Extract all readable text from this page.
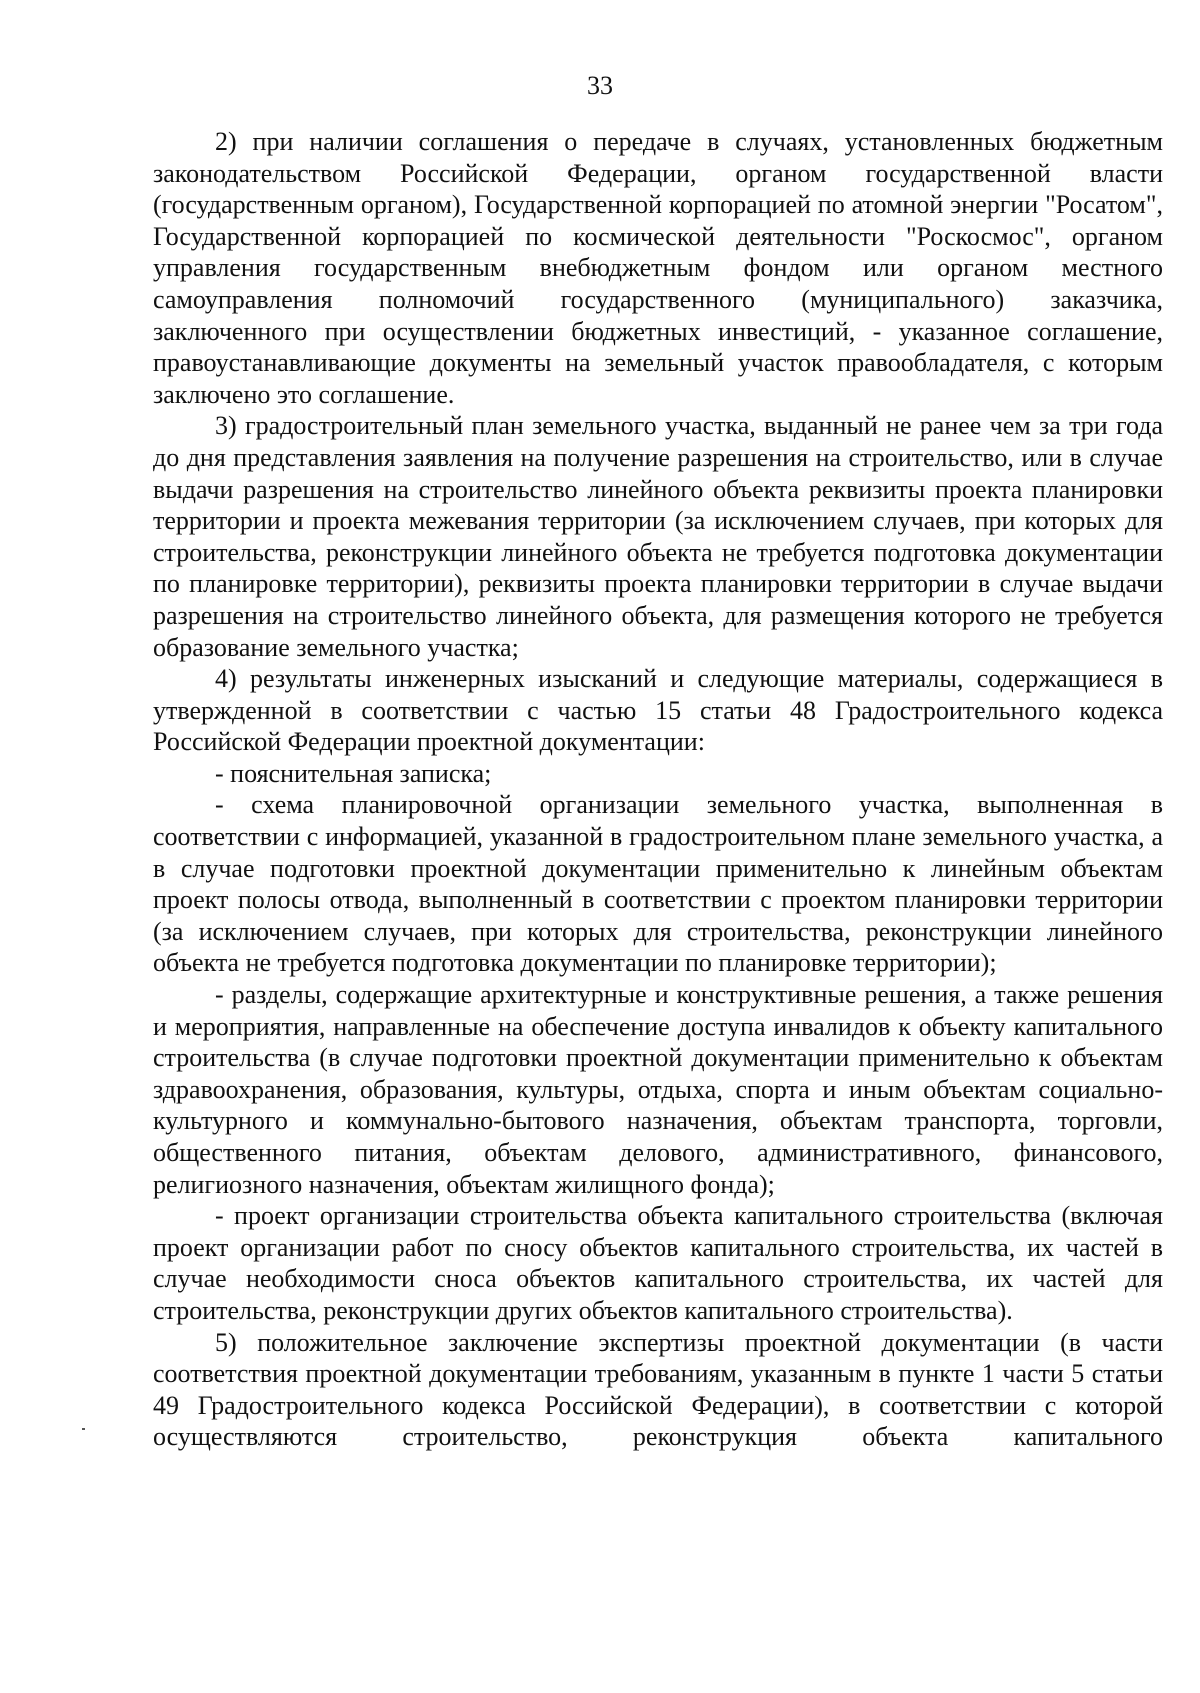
33

2) при наличии соглашения о передаче в случаях, установленных бюджетным законодательством Российской Федерации, органом государственной власти (государственным органом), Государственной корпорацией по атомной энергии "Росатом", Государственной корпорацией по космической деятельности "Роскосмос", органом управления государственным внебюджетным фондом или органом местного самоуправления полномочий государственного (муниципального) заказчика, заключенного при осуществлении бюджетных инвестиций, - указанное соглашение, правоустанавливающие документы на земельный участок правообладателя, с которым заключено это соглашение.

3) градостроительный план земельного участка, выданный не ранее чем за три года до дня представления заявления на получение разрешения на строительство, или в случае выдачи разрешения на строительство линейного объекта реквизиты проекта планировки территории и проекта межевания территории (за исключением случаев, при которых для строительства, реконструкции линейного объекта не требуется подготовка документации по планировке территории), реквизиты проекта планировки территории в случае выдачи разрешения на строительство линейного объекта, для размещения которого не требуется образование земельного участка;

4) результаты инженерных изысканий и следующие материалы, содержащиеся в утвержденной в соответствии с частью 15 статьи 48 Градостроительного кодекса Российской Федерации проектной документации:

- пояснительная записка;

- схема планировочной организации земельного участка, выполненная в соответствии с информацией, указанной в градостроительном плане земельного участка, а в случае подготовки проектной документации применительно к линейным объектам проект полосы отвода, выполненный в соответствии с проектом планировки территории (за исключением случаев, при которых для строительства, реконструкции линейного объекта не требуется подготовка документации по планировке территории);

- разделы, содержащие архитектурные и конструктивные решения, а также решения и мероприятия, направленные на обеспечение доступа инвалидов к объекту капитального строительства (в случае подготовки проектной документации применительно к объектам здравоохранения, образования, культуры, отдыха, спорта и иным объектам социально-культурного и коммунально-бытового назначения, объектам транспорта, торговли, общественного питания, объектам делового, административного, финансового, религиозного назначения, объектам жилищного фонда);

- проект организации строительства объекта капитального строительства (включая проект организации работ по сносу объектов капитального строительства, их частей в случае необходимости сноса объектов капитального строительства, их частей для строительства, реконструкции других объектов капитального строительства).

5) положительное заключение экспертизы проектной документации (в части соответствия проектной документации требованиям, указанным в пункте 1 части 5 статьи 49 Градостроительного кодекса Российской Федерации), в соответствии с которой осуществляются строительство, реконструкция объекта капитального
